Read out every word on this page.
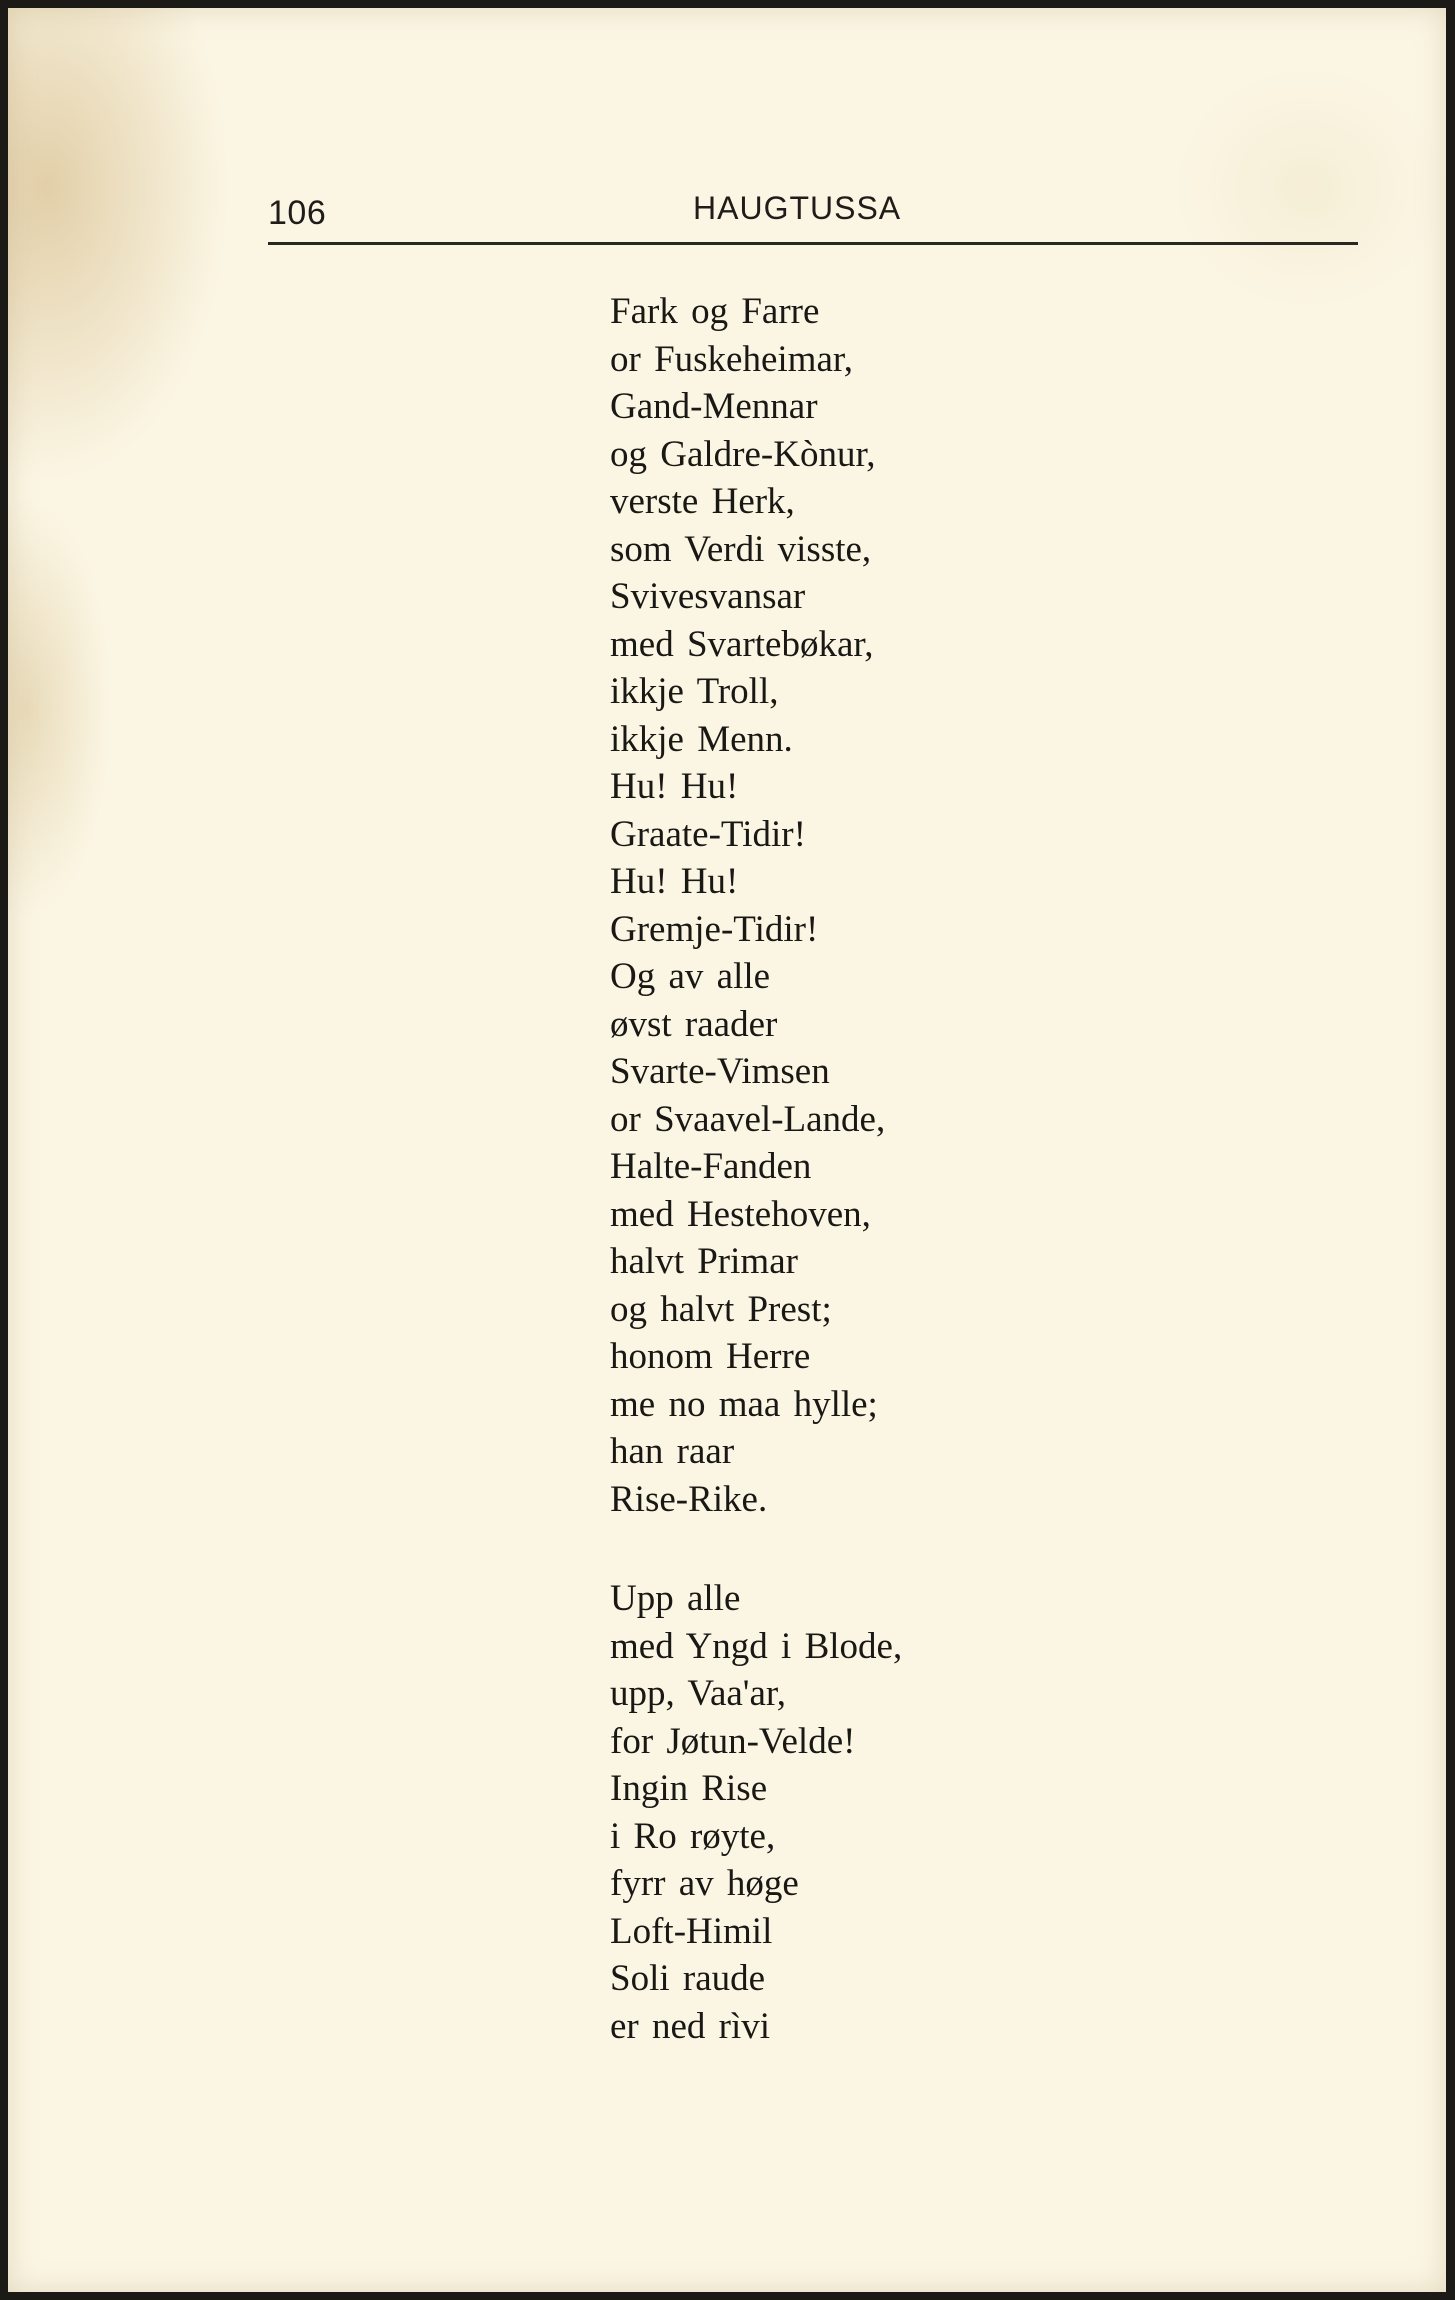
106	HAUGTUSSA
Fark og Farre
or Fuskeheimar,
Gand-Mennar
og Galdre-Kònur,
verste Herk,
som Verdi visste,
Svivesvansar
med Svartebøkar,
ikkje Troll,
ikkje Menn.
Hu! Hu!
Graate-Tidir!
Hu! Hu!
Gremje-Tidir!
Og av alle
øvst raader
Svarte-Vimsen
or Svaavel-Lande,
Halte-Fanden
med Hestehoven,
halvt Primar
og halvt Prest;
honom Herre
me no maa hylle;
han raar
Rise-Rike.
Upp alle
med Yngd i Blode,
upp, Vaa'ar,
for Jøtun-Velde!
Ingin Rise
i Ro røyte,
fyrr av høge
Loft-Himil
Soli raude
er ned rìvi
